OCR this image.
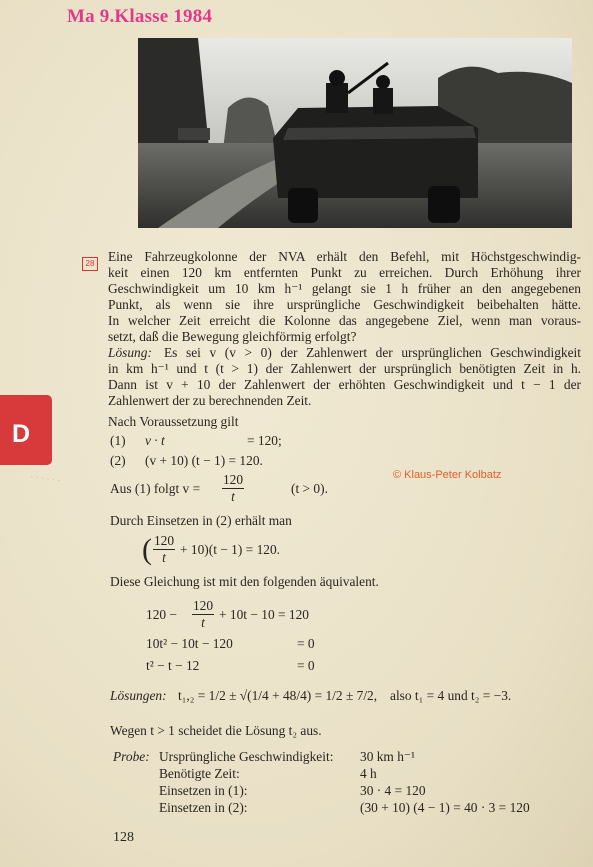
Ma 9.Klasse 1984
D
28 Eine Fahrzeugkolonne der NVA erhält den Befehl, mit Höchstgeschwindig-
keit einen 120 km entfernten Punkt zu erreichen. Durch Erhöhung ihrer
Geschwindigkeit um 10 km h⁻¹ gelangt sie 1 h früher an den angegebenen
Punkt, als wenn sie ihre ursprüngliche Geschwindigkeit beibehalten hätte.
In welcher Zeit erreicht die Kolonne das angegebene Ziel, wenn man voraus-
setzt, daß die Bewegung gleichförmig erfolgt?
Lösung: Es sei v (v > 0) der Zahlenwert der ursprünglichen Geschwindigkeit
in km h⁻¹ und t (t > 1) der Zahlenwert der ursprünglich benötigten Zeit in h.
Dann ist v + 10 der Zahlenwert der erhöhten Geschwindigkeit und t − 1 der
Zahlenwert der zu berechnenden Zeit.
Nach Voraussetzung gilt
(1) v · t	= 120;
(2) (v + 10) (t − 1) = 120.
© Klaus-Peter Kolbatz
· · · · · ·
Aus (1) folgt v =
120
t	(t > 0).
Durch Einsetzen in (2) erhält man
( 120
t	+ 10)(t − 1) = 120.
Diese Gleichung ist mit den folgenden äquivalent.
120 −
120
t	+ 10t − 10 = 120
10t² − 10t − 120	= 0
t² − t − 12	= 0
Lösungen: t₁,₂ = 1/2 ± √(1/4 + 48/4) = 1/2 ± 7/2, also t₁ = 4 und t₂ = −3.
Wegen t > 1 scheidet die Lösung t₂ aus.
Probe: Ursprüngliche Geschwindigkeit: 30 km h⁻¹
Benötigte Zeit:	4 h
Einsetzen in (1):	30 · 4 = 120
Einsetzen in (2):	(30 + 10) (4 − 1) = 40 · 3 = 120
128
